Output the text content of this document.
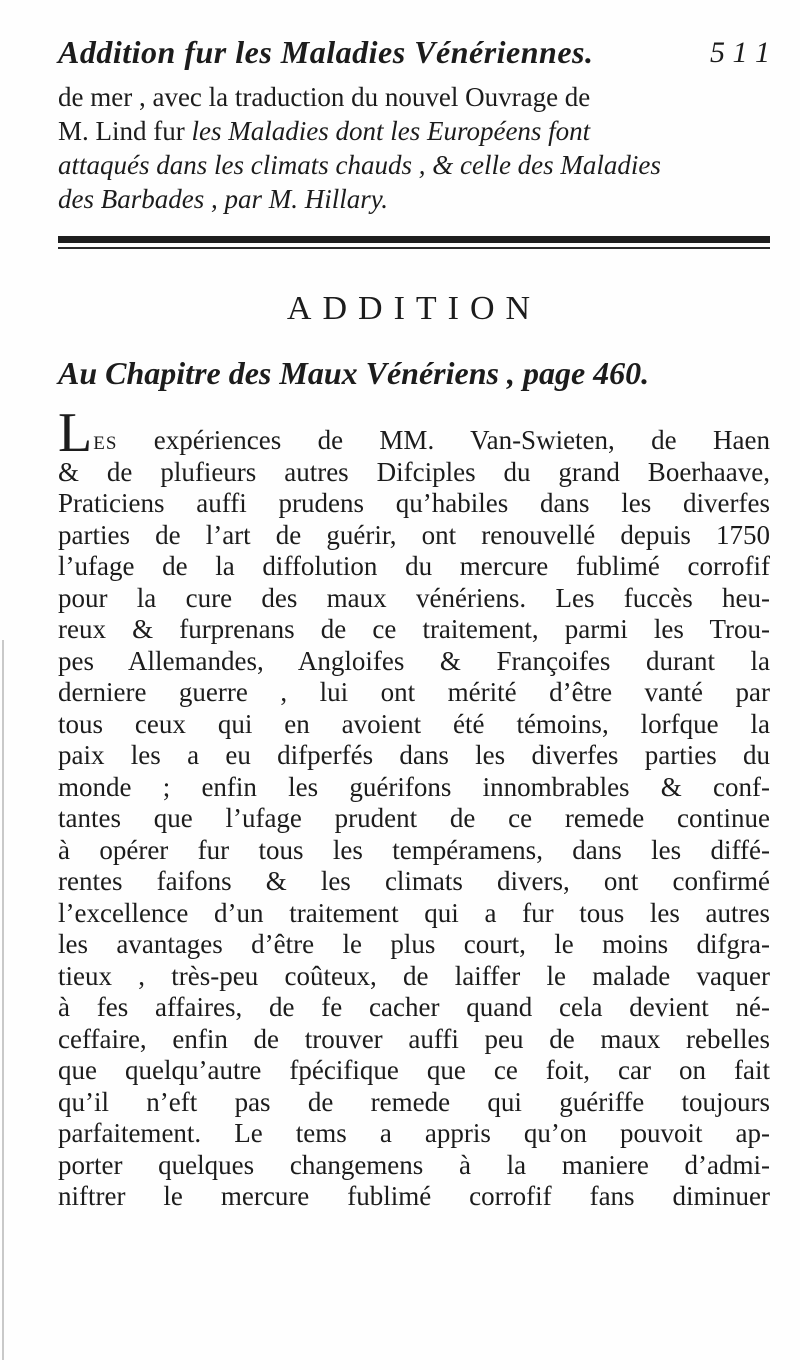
Addition fur les Maladies Vénériennes.	5 1 1
de mer , avec la traduction du nouvel Ouvrage de
M. Lind fur les Maladies dont les Européens font
attaqués dans les climats chauds , & celle des Maladies
des Barbades , par M. Hillary.
ADDITION
Au Chapitre des Maux Vénériens , page 460.
Les expériences de MM. Van-Swieten, de Haen
& de plufieurs autres Difciples du grand Boerhaave,
Praticiens auffi prudens qu’habiles dans les diverfes
parties de l’art de guérir, ont renouvellé depuis 1750
l’ufage de la diffolution du mercure fublimé corrofif
pour la cure des maux vénériens. Les fuccès heu-
reux & furprenans de ce traitement, parmi les Trou-
pes Allemandes, Angloifes & Françoifes durant la
derniere guerre , lui ont mérité d’être vanté par
tous ceux qui en avoient été témoins, lorfque la
paix les a eu difperfés dans les diverfes parties du
monde ; enfin les guérifons innombrables & conf-
tantes que l’ufage prudent de ce remede continue
à opérer fur tous les tempéramens, dans les diffé-
rentes faifons & les climats divers, ont confirmé
l’excellence d’un traitement qui a fur tous les autres
les avantages d’être le plus court, le moins difgra-
tieux , très-peu coûteux, de laiffer le malade vaquer
à fes affaires, de fe cacher quand cela devient né-
ceffaire, enfin de trouver auffi peu de maux rebelles
que quelqu’autre fpécifique que ce foit, car on fait
qu’il n’eft pas de remede qui guériffe toujours
parfaitement. Le tems a appris qu’on pouvoit ap-
porter quelques changemens à la maniere d’admi-
niftrer le mercure fublimé corrofif fans diminuer
